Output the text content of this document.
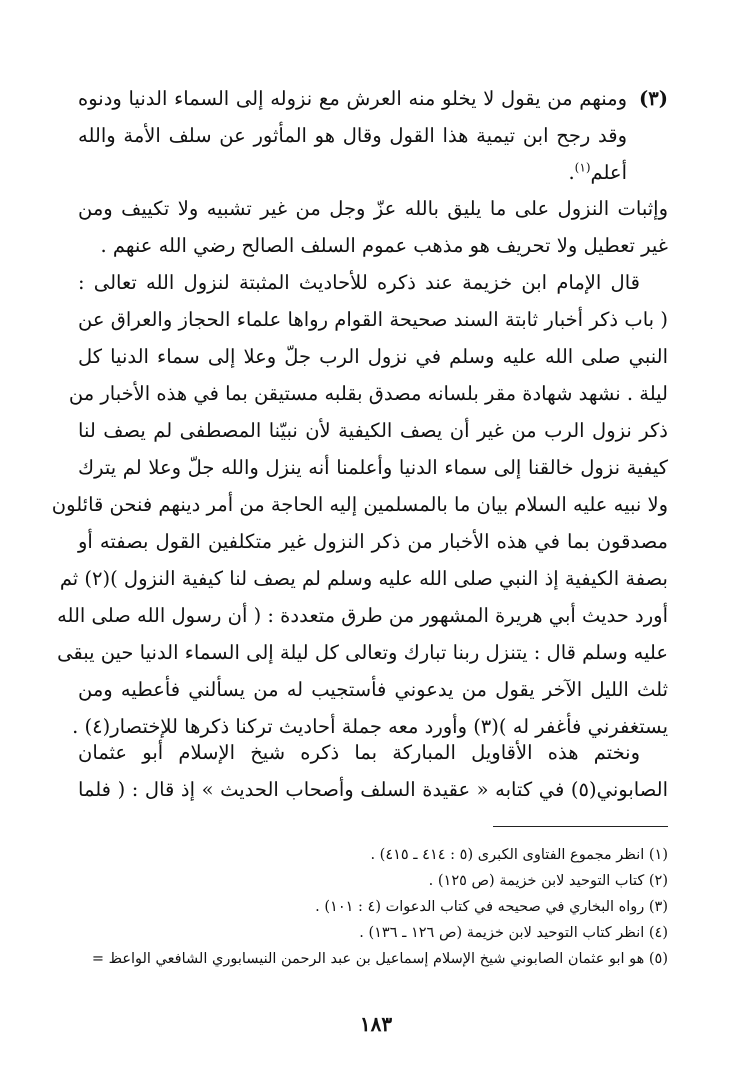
(٣)
ومنهم من يقول لا يخلو منه العرش مع نزوله إلى السماء الدنيا ودنوه
وقد رجح ابن تيمية هذا القول وقال هو المأثور عن سلف الأمة والله
أعلم$^{(١)}$.
وإثبات النزول على ما يليق بالله عزّ وجل من غير تشبيه ولا تكييف ومن
غير تعطيل ولا تحريف هو مذهب عموم السلف الصالح رضي الله عنهم .
قال الإمام ابن خزيمة عند ذكره للأحاديث المثبتة لنزول الله تعالى :
( باب ذكر أخبار ثابتة السند صحيحة القوام رواها علماء الحجاز والعراق عن
النبي صلى الله عليه وسلم في نزول الرب جلّ وعلا إلى سماء الدنيا كل
ليلة . نشهد شهادة مقر بلسانه مصدق بقلبه مستيقن بما في هذه الأخبار من
ذكر نزول الرب من غير أن يصف الكيفية لأن نبيّنا المصطفى لم يصف لنا
كيفية نزول خالقنا إلى سماء الدنيا وأعلمنا أنه ينزل والله جلّ وعلا لم يترك
ولا نبيه عليه السلام بيان ما بالمسلمين إليه الحاجة من أمر دينهم فنحن قائلون
مصدقون بما في هذه الأخبار من ذكر النزول غير متكلفين القول بصفته أو
بصفة الكيفية إذ النبي صلى الله عليه وسلم لم يصف لنا كيفية النزول )(٢) ثم
أورد حديث أبي هريرة المشهور من طرق متعددة : ( أن رسول الله صلى الله
عليه وسلم قال : يتنزل ربنا تبارك وتعالى كل ليلة إلى السماء الدنيا حين يبقى
ثلث الليل الآخر يقول من يدعوني فأستجيب له من يسألني فأعطيه ومن
يستغفرني فأغفر له )(٣) وأورد معه جملة أحاديث تركنا ذكرها للإختصار(٤) .
ونختم هذه الأقاويل المباركة بما ذكره شيخ الإسلام أبو عثمان
الصابوني(٥) في كتابه « عقيدة السلف وأصحاب الحديث » إذ قال : ( فلما
(١) انظر مجموع الفتاوى الكبرى (٥ : ٤١٤ ـ ٤١٥) .
(٢) كتاب التوحيد لابن خزيمة (ص ١٢٥) .
(٣) رواه البخاري في صحيحه في كتاب الدعوات (٤ : ١٠١) .
(٤) انظر كتاب التوحيد لابن خزيمة (ص ١٢٦ ـ ١٣٦) .
(٥) هو ابو عثمان الصابوني شيخ الإسلام إسماعيل بن عبد الرحمن النيسابوري الشافعي الواعظ =
١٨٣
